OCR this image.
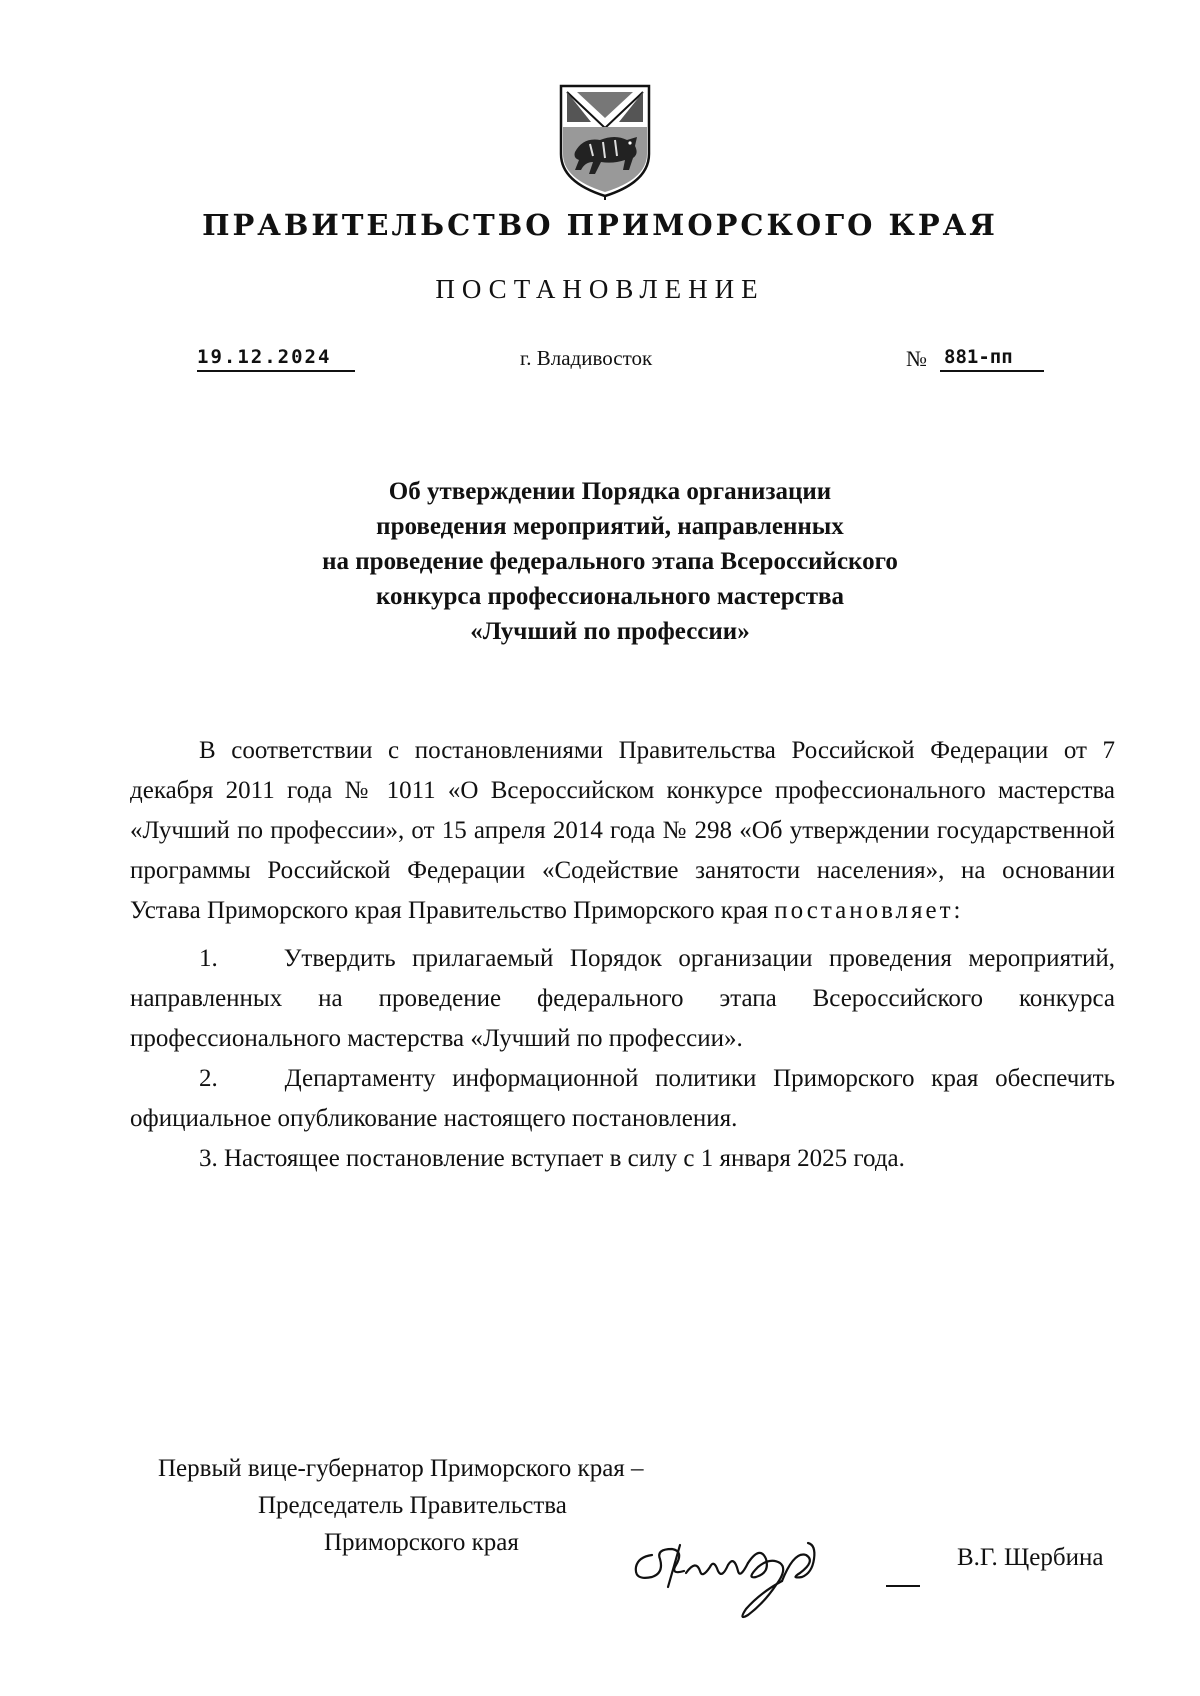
ПРАВИТЕЛЬСТВО ПРИМОРСКОГО КРАЯ
ПОСТАНОВЛЕНИЕ
19.12.2024	г. Владивосток	№ 881-пп
Об утверждении Порядка организации
проведения мероприятий, направленных
на проведение федерального этапа Всероссийского
конкурса профессионального мастерства
«Лучший по профессии»

В соответствии с постановлениями Правительства Российской Федерации от 7 декабря 2011 года № 1011 «О Всероссийском конкурсе профессионального мастерства «Лучший по профессии», от 15 апреля 2014 года № 298 «Об утверждении государственной программы Российской Федерации «Содействие занятости населения», на основании Устава Приморского края Правительство Приморского края постановляет:

1.	Утвердить прилагаемый Порядок организации проведения мероприятий, направленных на проведение федерального этапа Всероссийского конкурса профессионального мастерства «Лучший по профессии».

2.	Департаменту информационной политики Приморского края обеспечить официальное опубликование настоящего постановления.

3. Настоящее постановление вступает в силу с 1 января 2025 года.

Первый вице-губернатор Приморского края –
Председатель Правительства
Приморского края
В.Г. Щербина
